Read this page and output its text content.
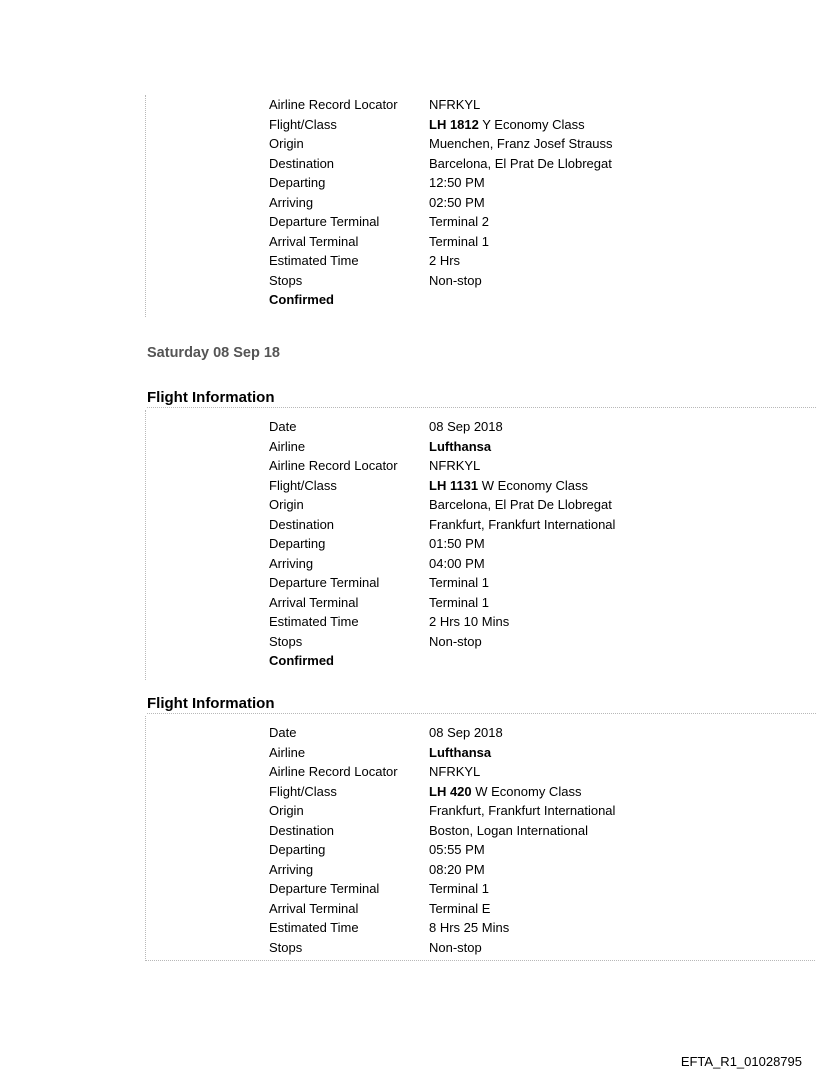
Airline Record Locator NFRKYL
Flight/Class	LH 1812 Y Economy Class
Origin	Muenchen, Franz Josef Strauss
Destination	Barcelona, El Prat De Llobregat
Departing	12:50 PM
Arriving	02:50 PM
Departure Terminal	Terminal 2
Arrival Terminal	Terminal 1
Estimated Time	2 Hrs
Stops	Non-stop
Confirmed
Saturday 08 Sep 18
Flight Information
Date	08 Sep 2018
Airline	Lufthansa
Airline Record Locator NFRKYL
Flight/Class	LH 1131 W Economy Class
Origin	Barcelona, El Prat De Llobregat
Destination	Frankfurt, Frankfurt International
Departing	01:50 PM
Arriving	04:00 PM
Departure Terminal	Terminal 1
Arrival Terminal	Terminal 1
Estimated Time	2 Hrs 10 Mins
Stops	Non-stop
Confirmed
Flight Information
Date	08 Sep 2018
Airline	Lufthansa
Airline Record Locator NFRKYL
Flight/Class	LH 420 W Economy Class
Origin	Frankfurt, Frankfurt International
Destination	Boston, Logan International
Departing	05:55 PM
Arriving	08:20 PM
Departure Terminal	Terminal 1
Arrival Terminal	Terminal E
Estimated Time	8 Hrs 25 Mins
Stops	Non-stop
EFTA_R1_01028795
